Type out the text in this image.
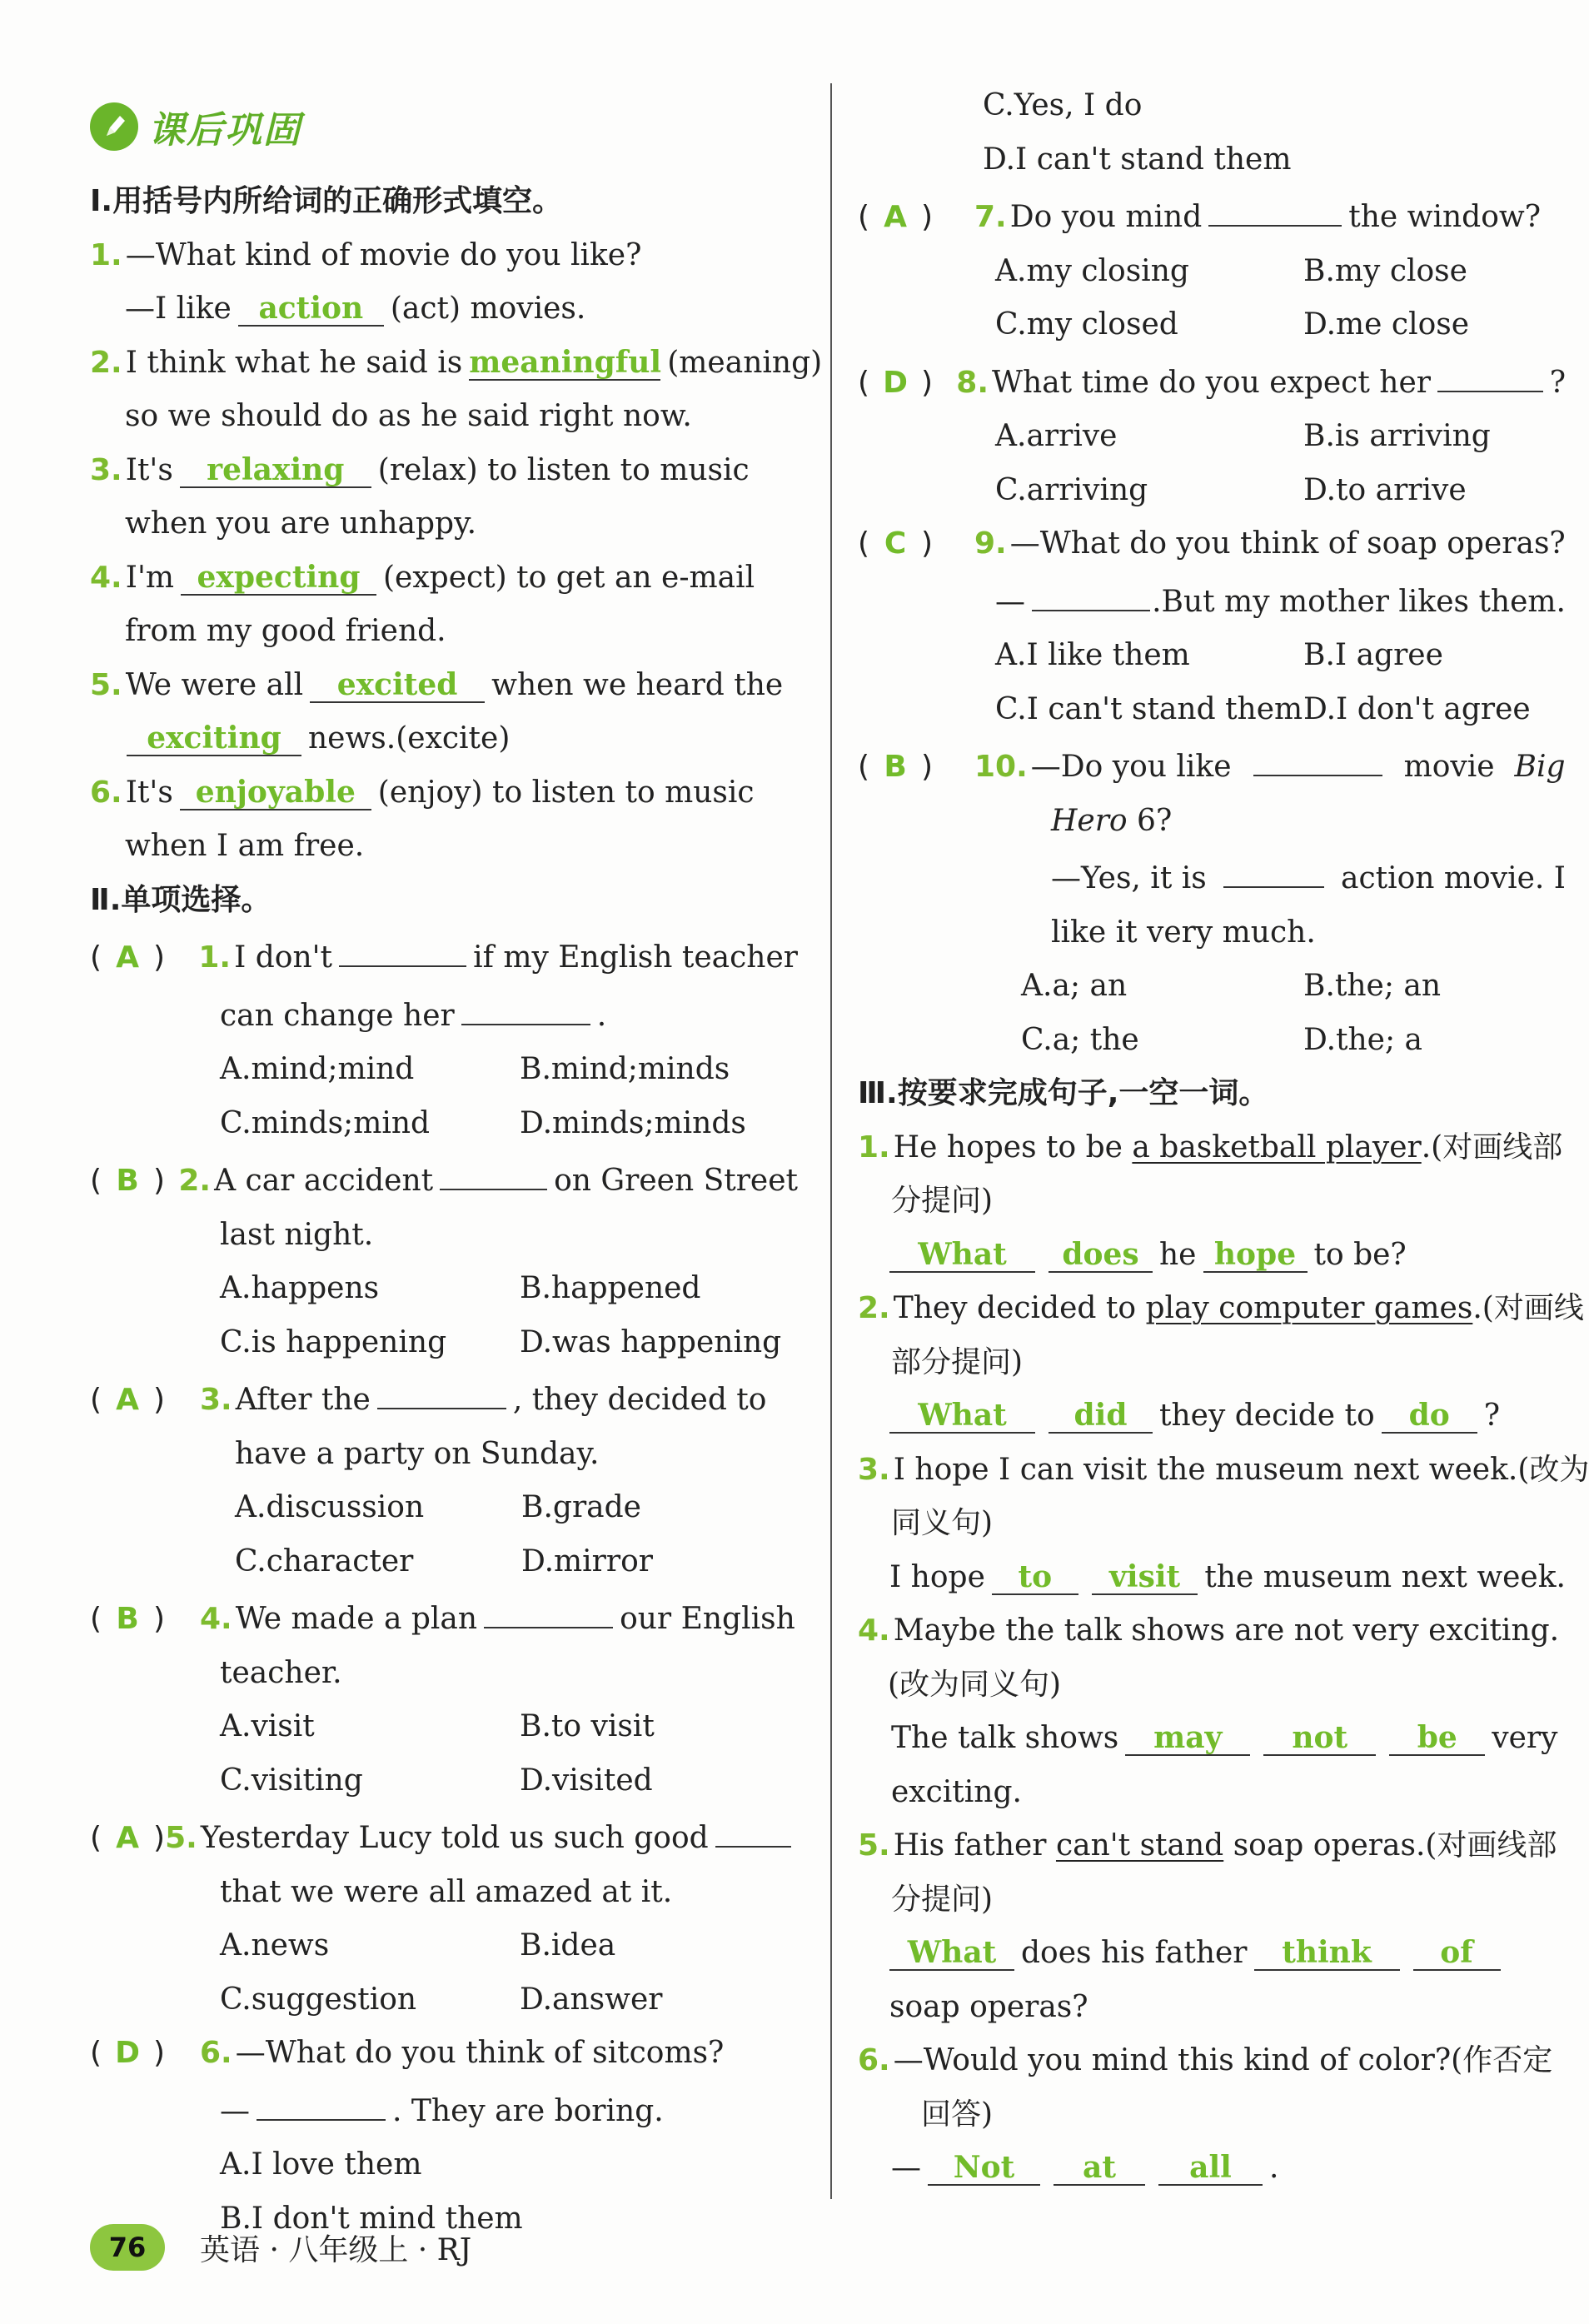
课后巩固
Ⅰ.用括号内所给词的正确形式填空。
1. —What kind of movie do you like?
—I like action (act) movies.
2. I think what he said is meaningful (meaning)
so we should do as he said right now.
3. It's	relaxing	(relax) to listen to music
when you are unhappy.
4. I'm expecting (expect) to get an e-mail
from my good friend.
5. We were all	excited	when we heard the
exciting news.(excite)
6. It's enjoyable (enjoy) to listen to music
when I am free.
Ⅱ.单项选择。
( A )	1. I don't	if my English teacher
can change her	.
A.mind;mind	B.mind;minds
C.minds;mind	D.minds;minds
( B ) 2. A car accident	on Green Street
last night.
A.happens	B.happened
C.is happening	D.was happening
( A )	3. After the	, they decided to
have a party on Sunday.
A.discussion	B.grade
C.character	D.mirror
( B )	4. We made a plan	our English
teacher.
A.visit	B.to visit
C.visiting	D.visited
( A ) 5. Yesterday Lucy told us such good
that we were all amazed at it.
A.news	B.idea
C.suggestion	D.answer
( D )	6. —What do you think of sitcoms?
—	. They are boring.
A.I love them
B.I don't mind them
C.Yes, I do
D.I can't stand them
( A )	7. Do you mind	the window?
A.my closing	B.my close
C.my closed	D.me close
( D ) 8. What time do you expect her	?
A.arrive	B.is arriving
C.arriving	D.to arrive
( C )	9. —What do you think of soap operas?
—	.But my mother likes them.
A.I like them	B.I agree
C.I can't stand them D.I don't agree
( B )	10. —Do you like	movie Big
Hero
6?
—Yes, it is	action movie. I
like it very much.
A.a; an	B.the; an
C.a; the	D.the; a
Ⅲ.按要求完成句子,一空一词。
1. He hopes to be
a basketball player .(对画线部
分提问)
What	does he hope to be?
2. They decided to
play computer games .(对画线
部分提问)
What	did	they decide to	do	?
3. I hope I can visit the museum next week.(改为
同义句)
I hope	to	visit the museum next week.
4. Maybe the talk shows are not very exciting.
(改为同义句)
The talk shows	may	not	be	very
exciting.
5. His father
can't stand
soap operas.(对画线部
分提问)
What does his father	think	of
soap operas?
6. —Would you mind this kind of color?(作否定
回答)
—	Not	at	all	.
76	英语 · 八年级上 · RJ
